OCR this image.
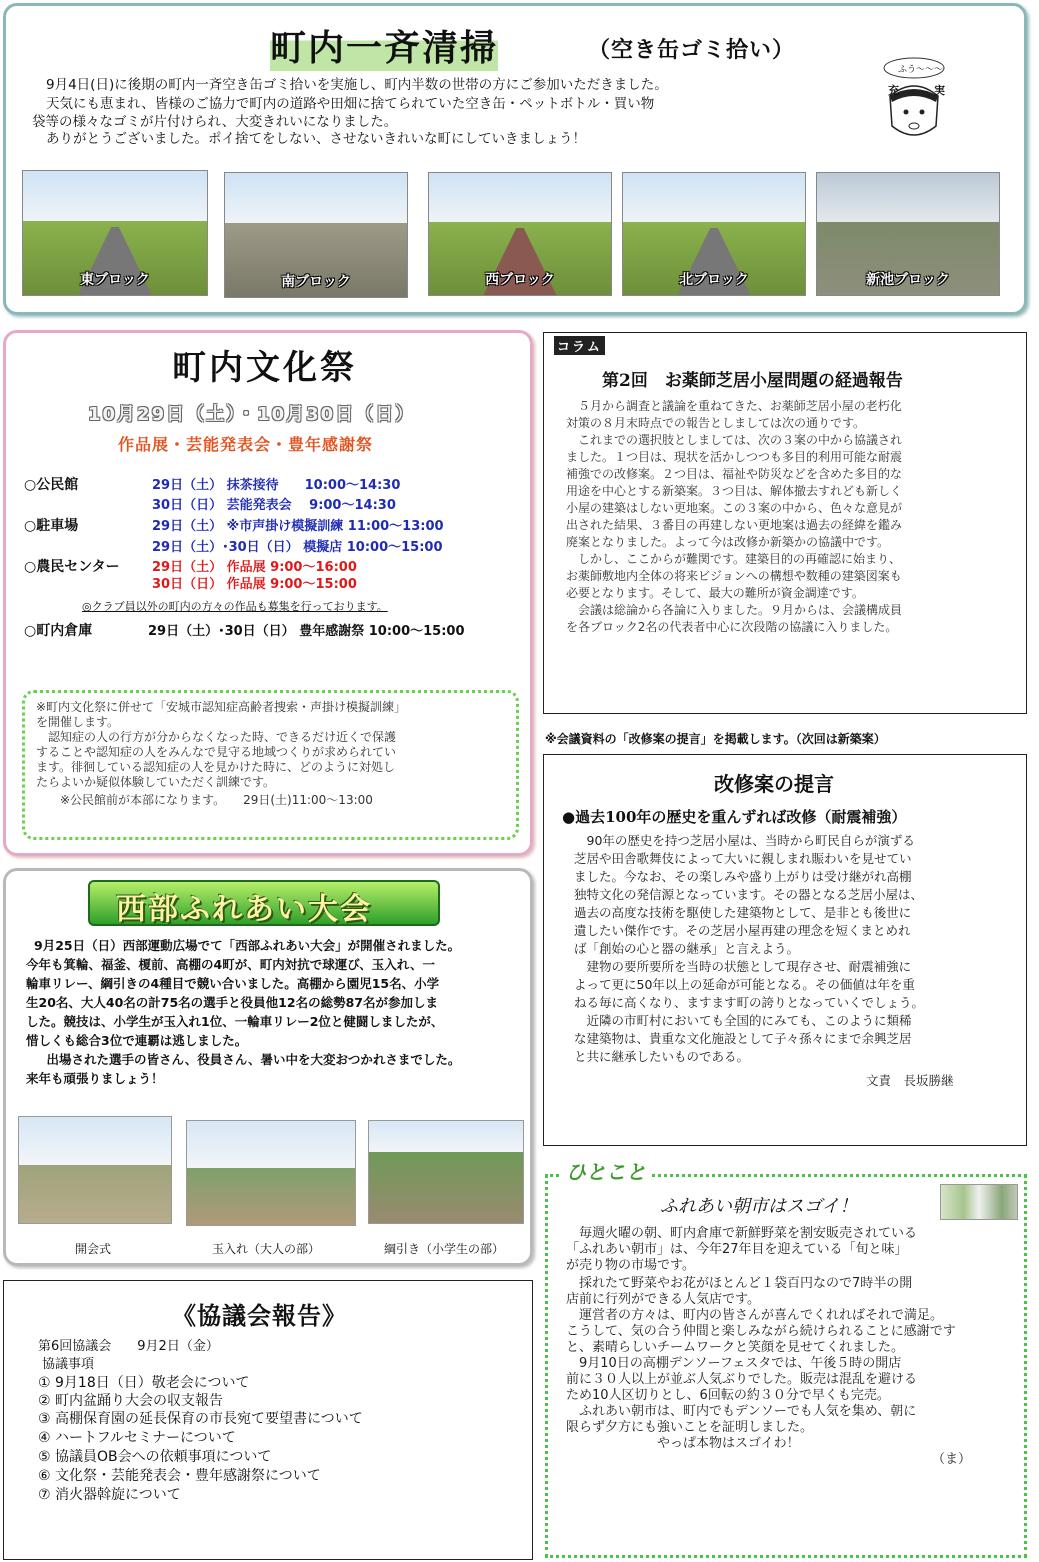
町内一斉清掃	（空き缶ゴミ拾い）
9月4日(日)に後期の町内一斉空き缶ゴミ拾いを実施し、町内半数の世帯の方にご参加いただきました。
天気にも恵まれ、皆様のご協力で町内の道路や田畑に捨てられていた空き缶・ペットボトル・買い物
袋等の様々なゴミが片付けられ、大変きれいになりました。
ありがとうございました。ポイ捨てをしない、させないきれいな町にしていきましょう！
ふう〜〜〜
充	実
東ブロック	南ブロック	西ブロック	北ブロック	新池ブロック
町内文化祭
10月29日（土）・10月30日（日）
作品展・芸能発表会・豊年感謝祭
○公民館	29日（土） 抹茶接待　　10:00〜14:30
30日（日） 芸能発表会　 9:00〜14:30
○駐車場	29日（土） ※市声掛け模擬訓練 11:00〜13:00
29日（土）･30日（日） 模擬店 10:00〜15:00
○農民センター 29日（土） 作品展 9:00〜16:00
30日（日） 作品展 9:00〜15:00
◎クラブ員以外の町内の方々の作品も募集を行っております。
○町内倉庫	29日（土）･30日（日） 豊年感謝祭 10:00〜15:00
※町内文化祭に併せて「安城市認知症高齢者捜索・声掛け模擬訓練」
を開催します。
　認知症の人の行方が分からなくなった時、できるだけ近くで保護
することや認知症の人をみんなで見守る地域つくりが求められてい
ます。徘徊している認知症の人を見かけた時に、どのように対処し
たらよいか疑似体験していただく訓練です。
　　※公民館前が本部になります。　　29日(土)11:00〜13:00
西部ふれあい大会
9月25日（日）西部運動広場でて「西部ふれあい大会」が開催されました。
今年も箕輪、福釜、榎前、高棚の4町が、町内対抗で球運び、玉入れ、一
輪車リレー、綱引きの4種目で競い合いました。高棚から園児15名、小学
生20名、大人40名の計75名の選手と役員他12名の総勢87名が参加しま
した。競技は、小学生が玉入れ1位、一輪車リレー2位と健闘しましたが、
惜しくも総合3位で連覇は逃しました。
　出場された選手の皆さん、役員さん、暑い中を大変おつかれさまでした。
来年も頑張りましょう！
開会式	玉入れ（大人の部）	綱引き（小学生の部）
《協議会報告》
第6回協議会　　9月2日（金）
協議事項
① 9月18日（日）敬老会について
② 町内盆踊り大会の収支報告
③ 高棚保育園の延長保育の市長宛て要望書について
④ ハートフルセミナーについて
⑤ 協議員OB会への依頼事項について
⑥ 文化祭・芸能発表会・豊年感謝祭について
⑦ 消火器斡旋について
コラム
第2回　お薬師芝居小屋問題の経過報告
　５月から調査と議論を重ねてきた、お薬師芝居小屋の老朽化
対策の８月末時点での報告としましては次の通りです。
　これまでの選択肢としましては、次の３案の中から協議され
ました。１つ目は、現状を活かしつつも多目的利用可能な耐震
補強での改修案。２つ目は、福祉や防災などを含めた多目的な
用途を中心とする新築案。３つ目は、解体撤去すれども新しく
小屋の建築はしない更地案。この３案の中から、色々な意見が
出された結果、３番目の再建しない更地案は過去の経緯を鑑み
廃案となりました。よって今は改修か新築かの協議中です。
　しかし、ここからが難関です。建築目的の再確認に始まり、
お薬師敷地内全体の将来ビジョンへの構想や数種の建築図案も
必要となります。そして、最大の難所が資金調達です。
　会議は総論から各論に入りました。９月からは、会議構成員
を各ブロック2名の代表者中心に次段階の協議に入りました。
※会議資料の「改修案の提言」を掲載します。（次回は新築案）
改修案の提言
●過去100年の歴史を重んずれば改修（耐震補強）
　90年の歴史を持つ芝居小屋は、当時から町民自らが演ずる
芝居や田舎歌舞伎によって大いに親しまれ賑わいを見せてい
ました。今なお、その楽しみや盛り上がりは受け継がれ高棚
独特文化の発信源となっています。その器となる芝居小屋は、
過去の高度な技術を駆使した建築物として、是非とも後世に
遺したい傑作です。その芝居小屋再建の理念を短くまとめれ
ば「創始の心と器の継承」と言えよう。
　建物の要所要所を当時の状態として現存させ、耐震補強に
よって更に50年以上の延命が可能となる。その価値は年を重
ねる毎に高くなり、ますます町の誇りとなっていくでしょう。
　近隣の市町村においても全国的にみても、このように類稀
な建築物は、貴重な文化施設として子々孫々にまで余興芝居
と共に継承したいものである。
文責　長坂勝継
ひとこと
ふれあい朝市はスゴイ！
　毎週火曜の朝、町内倉庫で新鮮野菜を割安販売されている
「ふれあい朝市」は、今年27年目を迎えている「旬と味」
が売り物の市場です。
　採れたて野菜やお花がほとんど１袋百円なので7時半の開
店前に行列ができる人気店です。
　運営者の方々は、町内の皆さんが喜んでくれればそれで満足。
こうして、気の合う仲間と楽しみながら続けられることに感謝です
と、素晴らしいチームワークと笑顔を見せてくれました。
　9月10日の高棚デンソーフェスタでは、午後５時の開店
前に３０人以上が並ぶ人気ぶりでした。販売は混乱を避ける
ため10人区切りとし、6回転の約３０分で早くも完売。
　ふれあい朝市は、町内でもデンソーでも人気を集め、朝に
限らず夕方にも強いことを証明しました。
　　　　　　　やっぱ本物はスゴイわ！
（ま）
